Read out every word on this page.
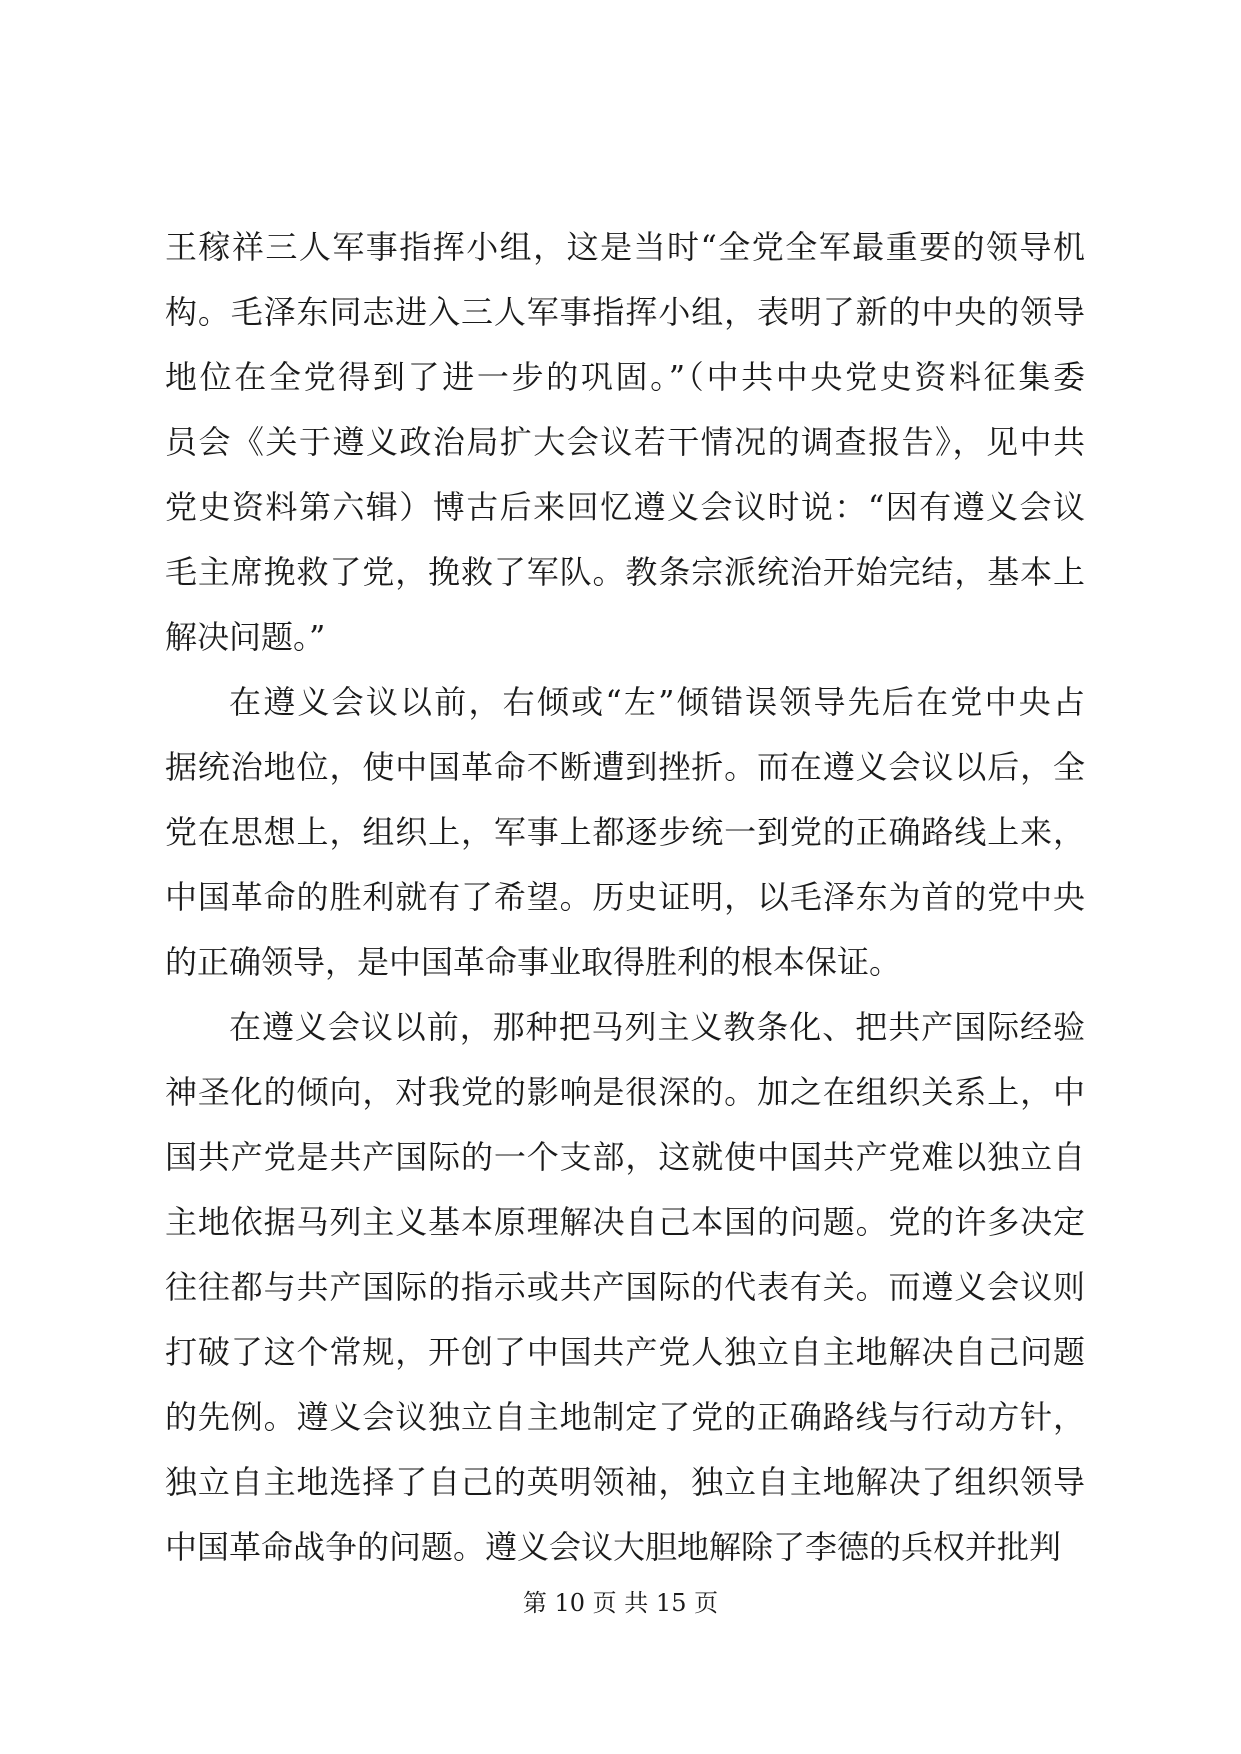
王稼祥三人军事指挥小组，这是当时“全党全军最重要的领导机
构。毛泽东同志进入三人军事指挥小组，表明了新的中央的领导
地位在全党得到了进一步的巩固。”（中共中央党史资料征集委
员会《关于遵义政治局扩大会议若干情况的调查报告》，见中共
党史资料第六辑）博古后来回忆遵义会议时说：“因有遵义会议
毛主席挽救了党，挽救了军队。教条宗派统治开始完结，基本上
解决问题。”
在遵义会议以前，右倾或“左”倾错误领导先后在党中央占
据统治地位，使中国革命不断遭到挫折。而在遵义会议以后，全
党在思想上，组织上，军事上都逐步统一到党的正确路线上来，
中国革命的胜利就有了希望。历史证明，以毛泽东为首的党中央
的正确领导，是中国革命事业取得胜利的根本保证。
在遵义会议以前，那种把马列主义教条化、把共产国际经验
神圣化的倾向，对我党的影响是很深的。加之在组织关系上，中
国共产党是共产国际的一个支部，这就使中国共产党难以独立自
主地依据马列主义基本原理解决自己本国的问题。党的许多决定
往往都与共产国际的指示或共产国际的代表有关。而遵义会议则
打破了这个常规，开创了中国共产党人独立自主地解决自己问题
的先例。遵义会议独立自主地制定了党的正确路线与行动方针，
独立自主地选择了自己的英明领袖，独立自主地解决了组织领导
中国革命战争的问题。遵义会议大胆地解除了李德的兵权并批判
第 10 页 共 15 页
